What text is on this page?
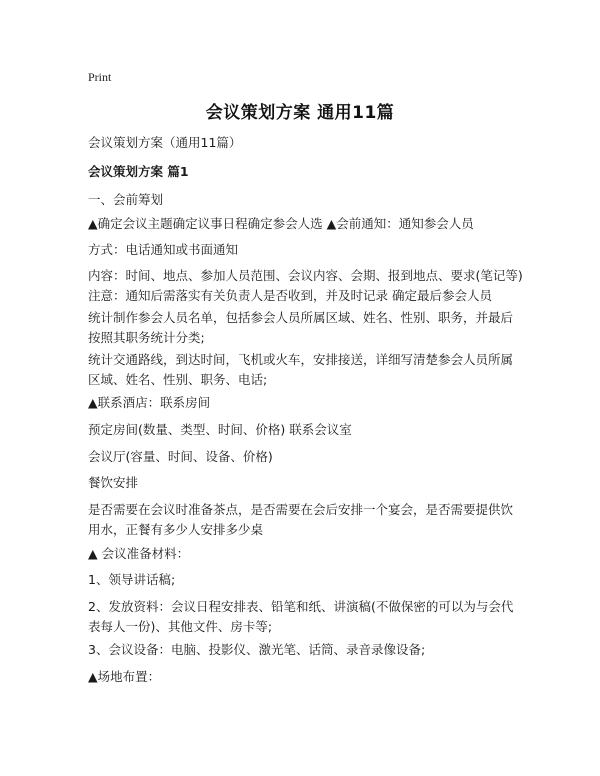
Print
会议策划方案 通用11篇
会议策划方案（通用11篇）
会议策划方案 篇1
一、会前筹划
▲确定会议主题确定议事日程确定参会人选 ▲会前通知：通知参会人员
方式：电话通知或书面通知
内容：时间、地点、参加人员范围、会议内容、会期、报到地点、要求(笔记等) 注意：通知后需落实有关负责人是否收到，并及时记录 确定最后参会人员
统计制作参会人员名单，包括参会人员所属区域、姓名、性别、职务，并最后按照其职务统计分类;
统计交通路线，到达时间，飞机或火车，安排接送，详细写清楚参会人员所属区域、姓名、性别、职务、电话;
▲联系酒店：联系房间
预定房间(数量、类型、时间、价格) 联系会议室
会议厅(容量、时间、设备、价格)
餐饮安排
是否需要在会议时准备茶点，是否需要在会后安排一个宴会，是否需要提供饮用水，正餐有多少人安排多少桌
▲ 会议准备材料：
1、领导讲话稿;
2、发放资料：会议日程安排表、铅笔和纸、讲演稿(不做保密的可以为与会代表每人一份)、其他文件、房卡等;
3、会议设备：电脑、投影仪、激光笔、话筒、录音录像设备;
▲场地布置：
